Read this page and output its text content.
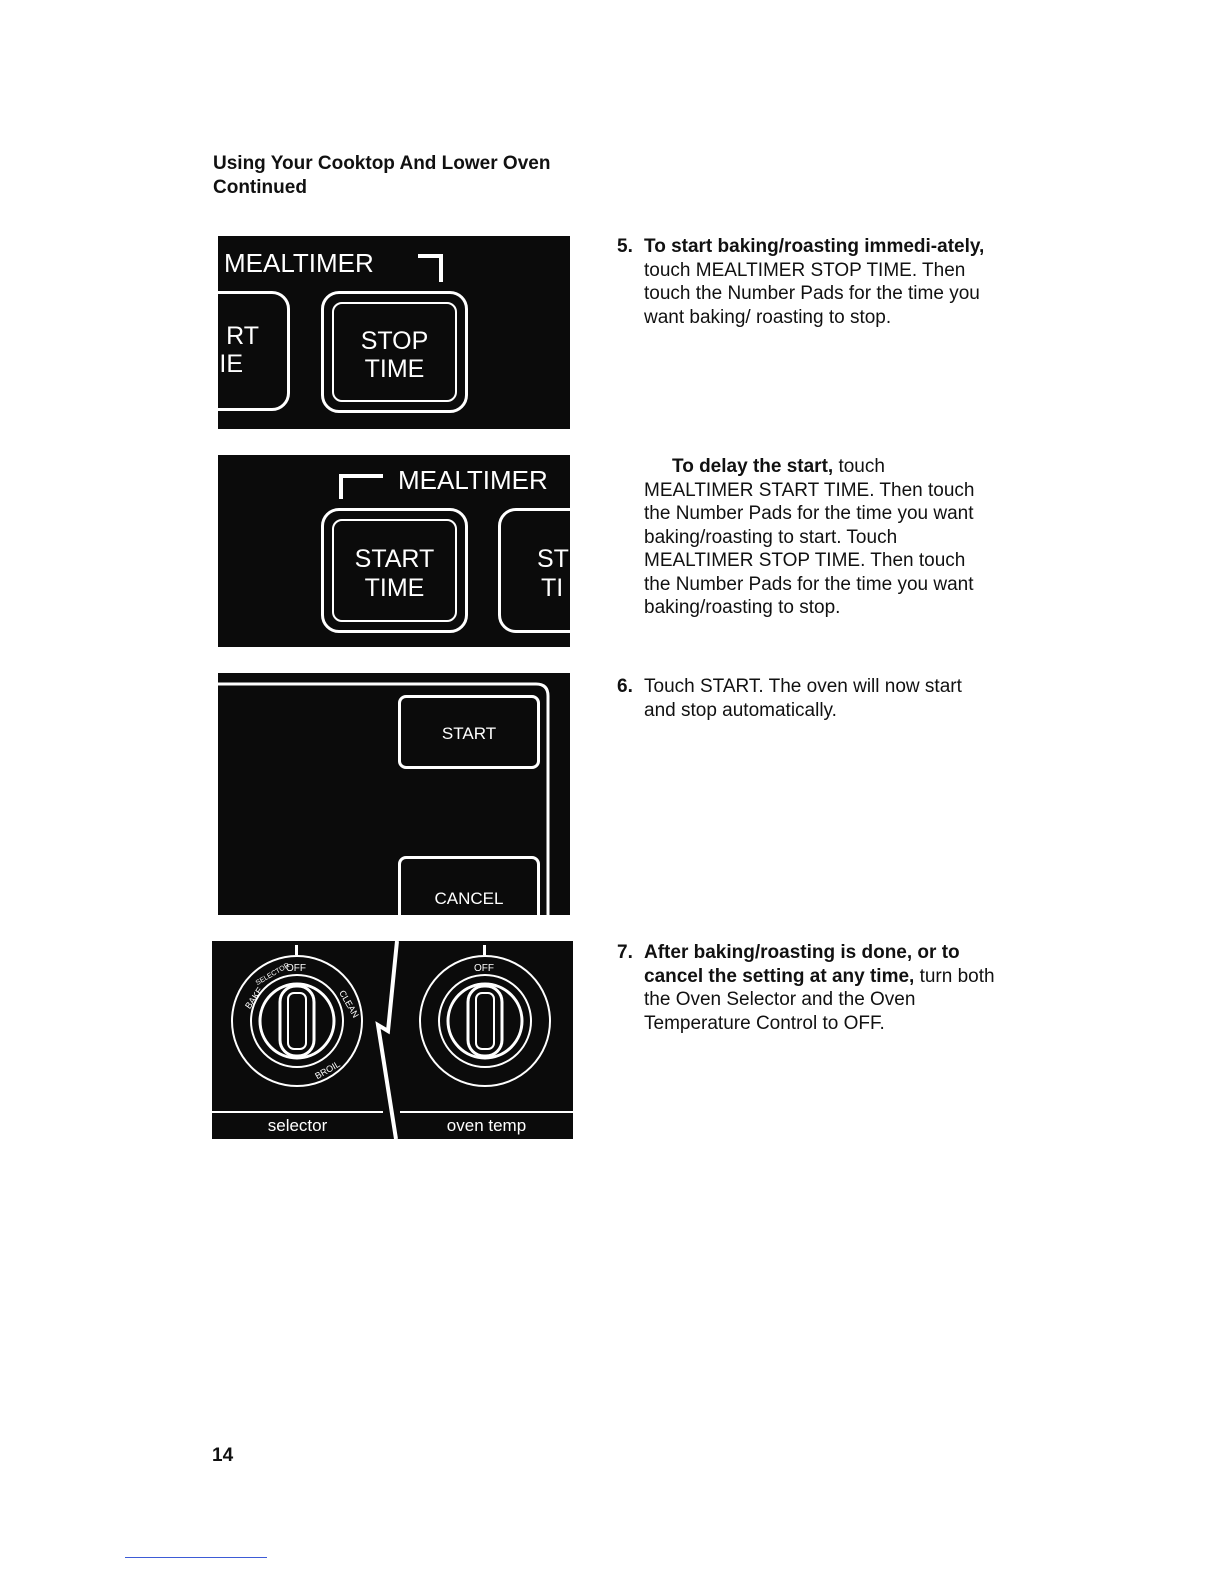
Using Your Cooktop And Lower Oven
Continued
MEALTIMER
RT
IE
STOP
TIME
MEALTIMER
START
TIME
ST
TI
START
CANCEL
OFF
BAKE
SELECTOR
CLEAN
BROIL
OFF
selector	oven temp
5. To start baking/roasting immedi-ately, touch MEALTIMER STOP TIME. Then touch the Number Pads for the time you want baking/ roasting to stop.
To delay the start, touch MEALTIMER START TIME. Then touch the Number Pads for the time you want baking/roasting to start. Touch MEALTIMER STOP TIME. Then touch the Number Pads for the time you want baking/roasting to stop.
6. Touch START. The oven will now start and stop automatically.
7. After baking/roasting is done, or to cancel the setting at any time, turn both the Oven Selector and the Oven Temperature Control to OFF.
14
